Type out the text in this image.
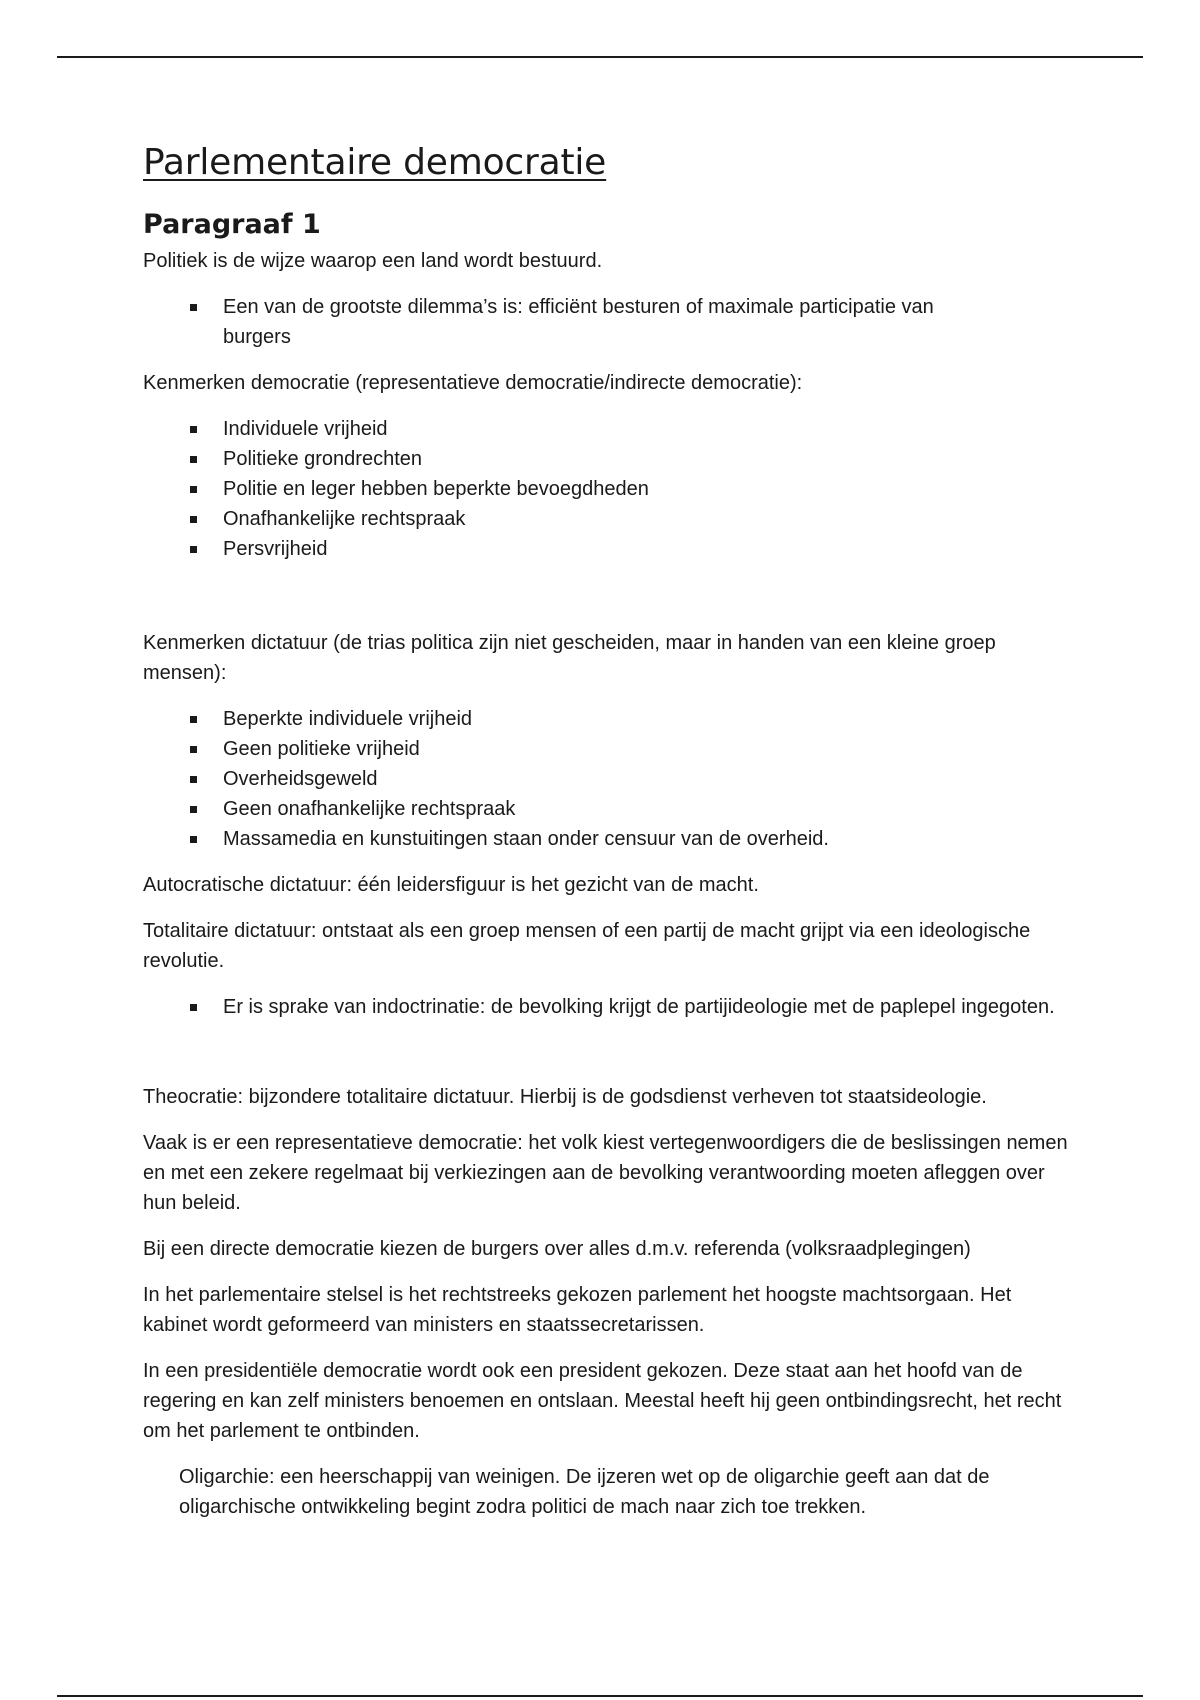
Parlementaire democratie
Paragraaf 1

Politiek is de wijze waarop een land wordt bestuurd.

Een van de grootste dilemma’s is: efficiënt besturen of maximale participatie van burgers

Kenmerken democratie (representatieve democratie/indirecte democratie):

Individuele vrijheid
Politieke grondrechten
Politie en leger hebben beperkte bevoegdheden
Onafhankelijke rechtspraak
Persvrijheid

Kenmerken dictatuur (de trias politica zijn niet gescheiden, maar in handen van een kleine groep mensen):

Beperkte individuele vrijheid
Geen politieke vrijheid
Overheidsgeweld
Geen onafhankelijke rechtspraak
Massamedia en kunstuitingen staan onder censuur van de overheid.

Autocratische dictatuur: één leidersfiguur is het gezicht van de macht.

Totalitaire dictatuur: ontstaat als een groep mensen of een partij de macht grijpt via een ideologische revolutie.

Er is sprake van indoctrinatie: de bevolking krijgt de partijideologie met de paplepel ingegoten.

Theocratie: bijzondere totalitaire dictatuur. Hierbij is de godsdienst verheven tot staatsideologie.

Vaak is er een representatieve democratie: het volk kiest vertegenwoordigers die de beslissingen nemen en met een zekere regelmaat bij verkiezingen aan de bevolking verantwoording moeten afleggen over hun beleid.

Bij een directe democratie kiezen de burgers over alles d.m.v. referenda (volksraadplegingen)

In het parlementaire stelsel is het rechtstreeks gekozen parlement het hoogste machtsorgaan. Het kabinet wordt geformeerd van ministers en staatssecretarissen.

In een presidentiële democratie wordt ook een president gekozen. Deze staat aan het hoofd van de regering en kan zelf ministers benoemen en ontslaan. Meestal heeft hij geen ontbindingsrecht, het recht om het parlement te ontbinden.

Oligarchie: een heerschappij van weinigen. De ijzeren wet op de oligarchie geeft aan dat de oligarchische ontwikkeling begint zodra politici de mach naar zich toe trekken.
